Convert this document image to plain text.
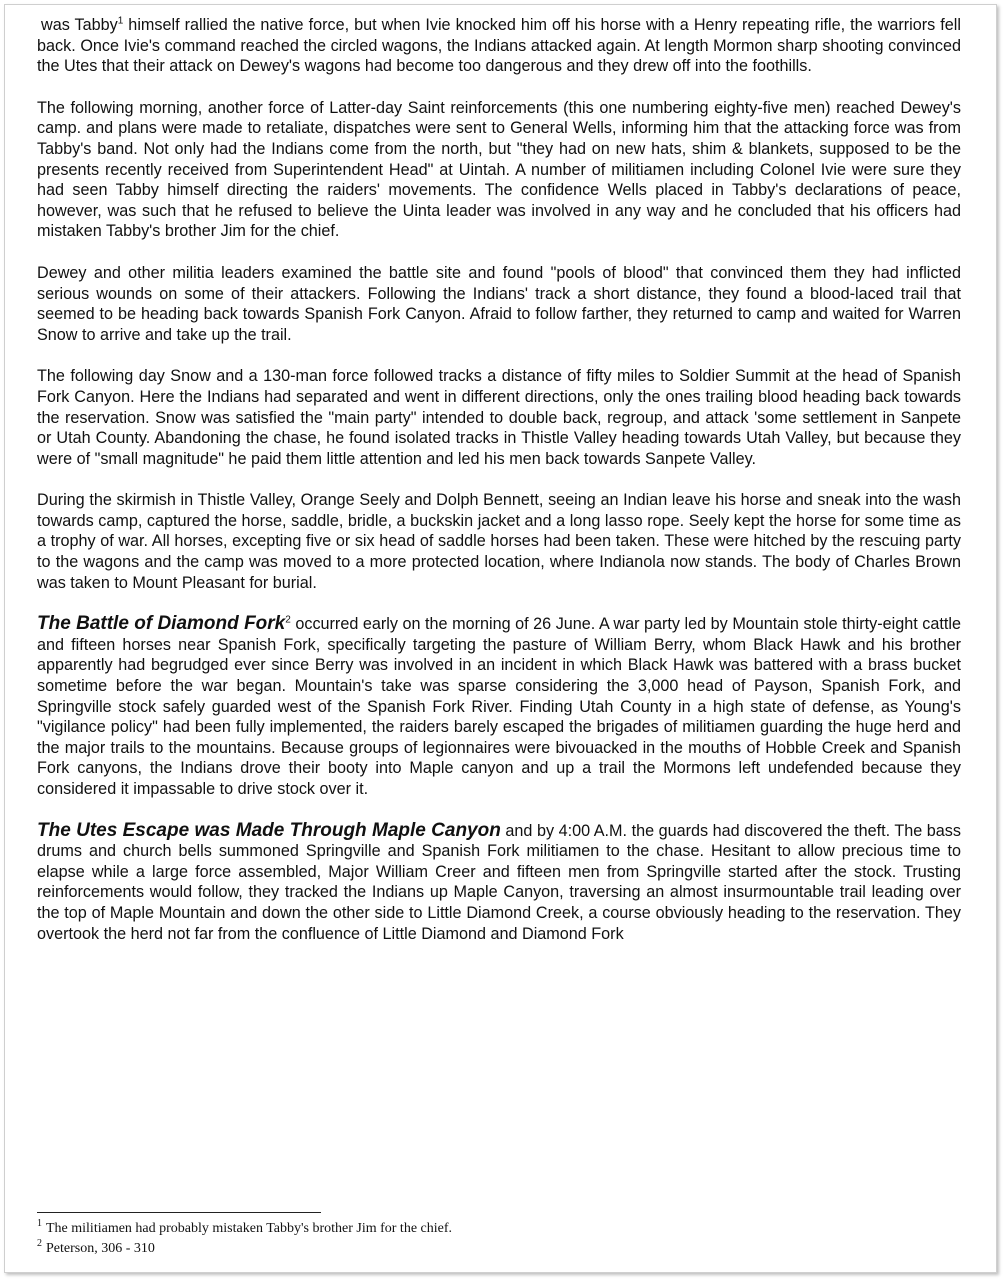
was Tabby$^1$ himself rallied the native force, but when Ivie knocked him off his horse with a Henry repeating rifle, the warriors fell back. Once Ivie's command reached the circled wagons, the Indians attacked again. At length Mormon sharp shooting convinced the Utes that their attack on Dewey's wagons had become too dangerous and they drew off into the foothills.

The following morning, another force of Latter-day Saint reinforcements (this one numbering eighty-five men) reached Dewey's camp. and plans were made to retaliate, dispatches were sent to General Wells, informing him that the attacking force was from Tabby's band. Not only had the Indians come from the north, but "they had on new hats, shim & blankets, supposed to be the presents recently received from Superintendent Head" at Uintah. A number of militiamen including Colonel Ivie were sure they had seen Tabby himself directing the raiders' movements. The confidence Wells placed in Tabby's declarations of peace, however, was such that he refused to believe the Uinta leader was involved in any way and he concluded that his officers had mistaken Tabby's brother Jim for the chief.

Dewey and other militia leaders examined the battle site and found "pools of blood" that convinced them they had inflicted serious wounds on some of their attackers. Following the Indians' track a short distance, they found a blood-laced trail that seemed to be heading back towards Spanish Fork Canyon. Afraid to follow farther, they returned to camp and waited for Warren Snow to arrive and take up the trail.

The following day Snow and a 130-man force followed tracks a distance of fifty miles to Soldier Summit at the head of Spanish Fork Canyon. Here the Indians had separated and went in different directions, only the ones trailing blood heading back towards the reservation. Snow was satisfied the "main party" intended to double back, regroup, and attack 'some settlement in Sanpete or Utah County. Abandoning the chase, he found isolated tracks in Thistle Valley heading towards Utah Valley, but because they were of "small magnitude" he paid them little attention and led his men back towards Sanpete Valley.

During the skirmish in Thistle Valley, Orange Seely and Dolph Bennett, seeing an Indian leave his horse and sneak into the wash towards camp, captured the horse, saddle, bridle, a buckskin jacket and a long lasso rope. Seely kept the horse for some time as a trophy of war. All horses, excepting five or six head of saddle horses had been taken. These were hitched by the rescuing party to the wagons and the camp was moved to a more protected location, where Indianola now stands. The body of Charles Brown was taken to Mount Pleasant for burial.

The Battle of Diamond Fork$^2$ occurred early on the morning of 26 June. A war party led by Mountain stole thirty-eight cattle and fifteen horses near Spanish Fork, specifically targeting the pasture of William Berry, whom Black Hawk and his brother apparently had begrudged ever since Berry was involved in an incident in which Black Hawk was battered with a brass bucket sometime before the war began. Mountain's take was sparse considering the 3,000 head of Payson, Spanish Fork, and Springville stock safely guarded west of the Spanish Fork River. Finding Utah County in a high state of defense, as Young's "vigilance policy" had been fully implemented, the raiders barely escaped the brigades of militiamen guarding the huge herd and the major trails to the mountains. Because groups of legionnaires were bivouacked in the mouths of Hobble Creek and Spanish Fork canyons, the Indians drove their booty into Maple canyon and up a trail the Mormons left undefended because they considered it impassable to drive stock over it.

The Utes Escape was Made Through Maple Canyon and by 4:00 A.M. the guards had discovered the theft. The bass drums and church bells summoned Springville and Spanish Fork militiamen to the chase. Hesitant to allow precious time to elapse while a large force assembled, Major William Creer and fifteen men from Springville started after the stock. Trusting reinforcements would follow, they tracked the Indians up Maple Canyon, traversing an almost insurmountable trail leading over the top of Maple Mountain and down the other side to Little Diamond Creek, a course obviously heading to the reservation. They overtook the herd not far from the confluence of Little Diamond and Diamond Fork

$^1$ The militiamen had probably mistaken Tabby's brother Jim for the chief.
$^2$ Peterson, 306 - 310
